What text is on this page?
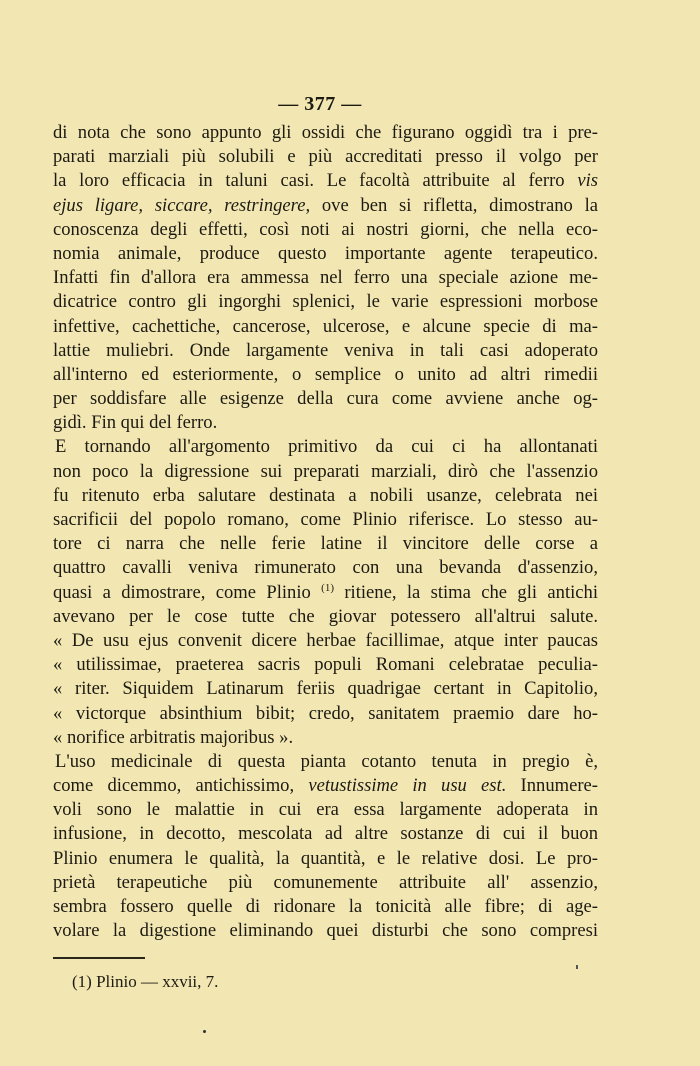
— 377 —
di nota che sono appunto gli ossidi che figurano oggidì tra i pre-
parati marziali più solubili e più accreditati presso il volgo per
la loro efficacia in taluni casi. Le facoltà attribuite al ferro vis
ejus ligare, siccare, restringere, ove ben si rifletta, dimostrano la
conoscenza degli effetti, così noti ai nostri giorni, che nella eco-
nomia animale, produce questo importante agente terapeutico.
Infatti fin d'allora era ammessa nel ferro una speciale azione me-
dicatrice contro gli ingorghi splenici, le varie espressioni morbose
infettive, cachettiche, cancerose, ulcerose, e alcune specie di ma-
lattie muliebri. Onde largamente veniva in tali casi adoperato
all'interno ed esteriormente, o semplice o unito ad altri rimedii
per soddisfare alle esigenze della cura come avviene anche og-
gidì. Fin qui del ferro.
E tornando all'argomento primitivo da cui ci ha allontanati
non poco la digressione sui preparati marziali, dirò che l'assenzio
fu ritenuto erba salutare destinata a nobili usanze, celebrata nei
sacrificii del popolo romano, come Plinio riferisce. Lo stesso au-
tore ci narra che nelle ferie latine il vincitore delle corse a
quattro cavalli veniva rimunerato con una bevanda d'assenzio,
quasi a dimostrare, come Plinio $^{(1)}$ ritiene, la stima che gli antichi
avevano per le cose tutte che giovar potessero all'altrui salute.
« De usu ejus convenit dicere herbae facillimae, atque inter paucas
« utilissimae, praeterea sacris populi Romani celebratae peculia-
« riter. Siquidem Latinarum feriis quadrigae certant in Capitolio,
« victorque absinthium bibit; credo, sanitatem praemio dare ho-
« norifice arbitratis majoribus ».
L'uso medicinale di questa pianta cotanto tenuta in pregio è,
come dicemmo, antichissimo, vetustissime in usu est. Innumere-
voli sono le malattie in cui era essa largamente adoperata in
infusione, in decotto, mescolata ad altre sostanze di cui il buon
Plinio enumera le qualità, la quantità, e le relative dosi. Le pro-
prietà terapeutiche più comunemente attribuite all' assenzio,
sembra fossero quelle di ridonare la tonicità alle fibre; di age-
volare la digestione eliminando quei disturbi che sono compresi
(1) Plinio — xxvii, 7.
